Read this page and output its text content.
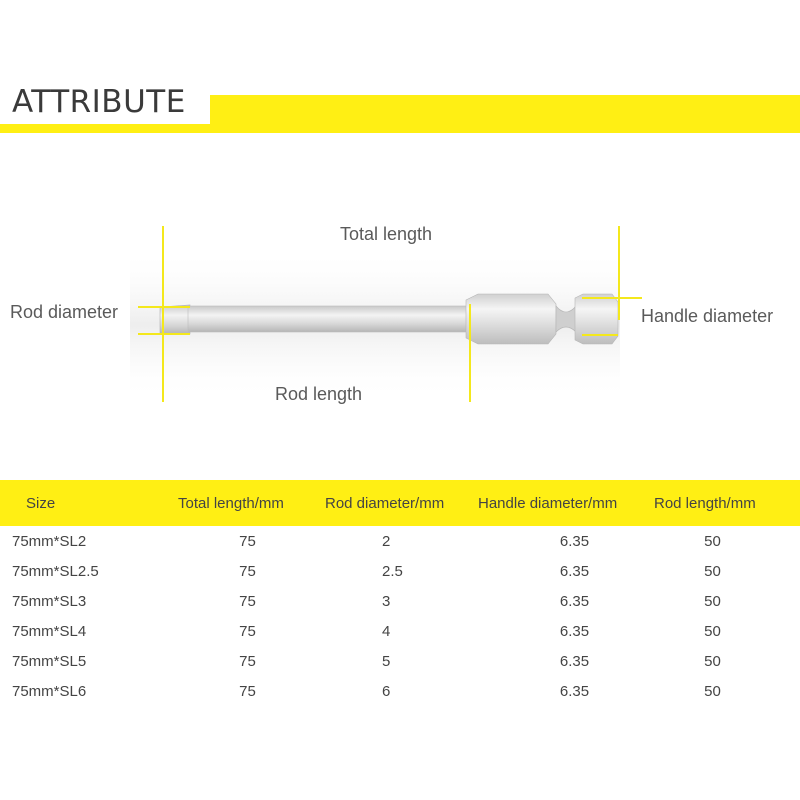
ATTRIBUTE
Total length
Rod diameter	Handle diameter
Rod length
Size	Total length/mm	Rod diameter/mm	Handle diameter/mm	Rod length/mm
75mm*SL2	75	2	6.35	50
75mm*SL2.5	75	2.5	6.35	50
75mm*SL3	75	3	6.35	50
75mm*SL4	75	4	6.35	50
75mm*SL5	75	5	6.35	50
75mm*SL6	75	6	6.35	50
